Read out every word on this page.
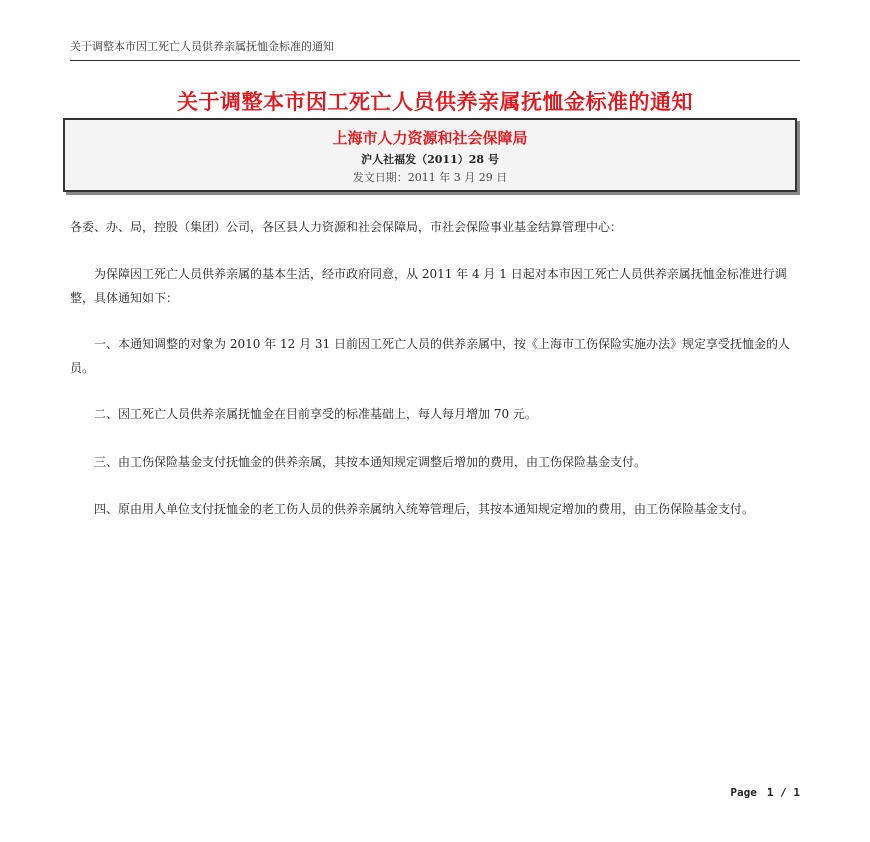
关于调整本市因工死亡人员供养亲属抚恤金标准的通知
关于调整本市因工死亡人员供养亲属抚恤金标准的通知
上海市人力资源和社会保障局
沪人社福发（2011）28 号
发文日期：2011 年 3 月 29 日

各委、办、局，控股（集团）公司，各区县人力资源和社会保障局，市社会保险事业基金结算管理中心：

为保障因工死亡人员供养亲属的基本生活，经市政府同意，从 2011 年 4 月 1 日起对本市因工死亡人员供养亲属抚恤金标准进行调整，具体通知如下：

一、本通知调整的对象为 2010 年 12 月 31 日前因工死亡人员的供养亲属中，按《上海市工伤保险实施办法》规定享受抚恤金的人员。

二、因工死亡人员供养亲属抚恤金在目前享受的标准基础上，每人每月增加 70 元。

三、由工伤保险基金支付抚恤金的供养亲属，其按本通知规定调整后增加的费用，由工伤保险基金支付。

四、原由用人单位支付抚恤金的老工伤人员的供养亲属纳入统筹管理后，其按本通知规定增加的费用，由工伤保险基金支付。

Page 1 / 1
